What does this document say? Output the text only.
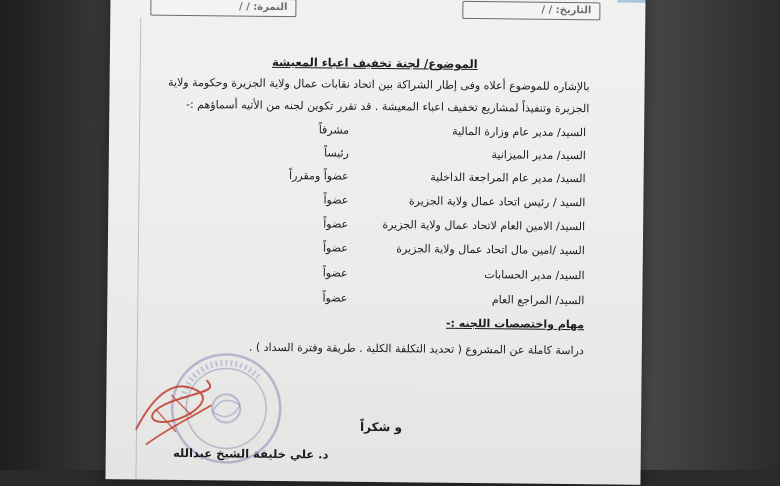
التاريخ: / /
النمرة: / /
الموضوع/ لجنة تخفيف اعباء المعيشة
بالإشاره للموضوع أعلاه وفى إطار الشراكة بين اتحاد نقابات عمال ولاية الجزيرة وحكومة ولاية الجزيرة وتنفيذاً لمشاريع تخفيف اعباء المعيشة . قد تقرر تكوين لجنه من الأتيه أسماؤهم :-
السيد/ مدير عام وزارة المالية
مشرفاً
السيد/ مدير الميزانية
رئيساً
السيد/ مدير عام المراجعة الداخلية
عضواً ومقرراً
السيد / رئيس اتحاد عمال ولاية الجزيرة
عضواً
السيد/ الامين العام لاتحاد عمال ولاية الجزيرة
عضواً
السيد /امين مال اتحاد عمال ولاية الجزيرة
عضواً
السيد/ مدير الحسابات
عضواً
السيد/ المراجع العام
عضواً
مهام واختصصات اللجنه :-
دراسة كاملة عن المشروع ( تحديد التكلفة الكلية . طريقة وفترة السداد ) .
و شكراً
د. علي خليفة الشيخ عبدالله
